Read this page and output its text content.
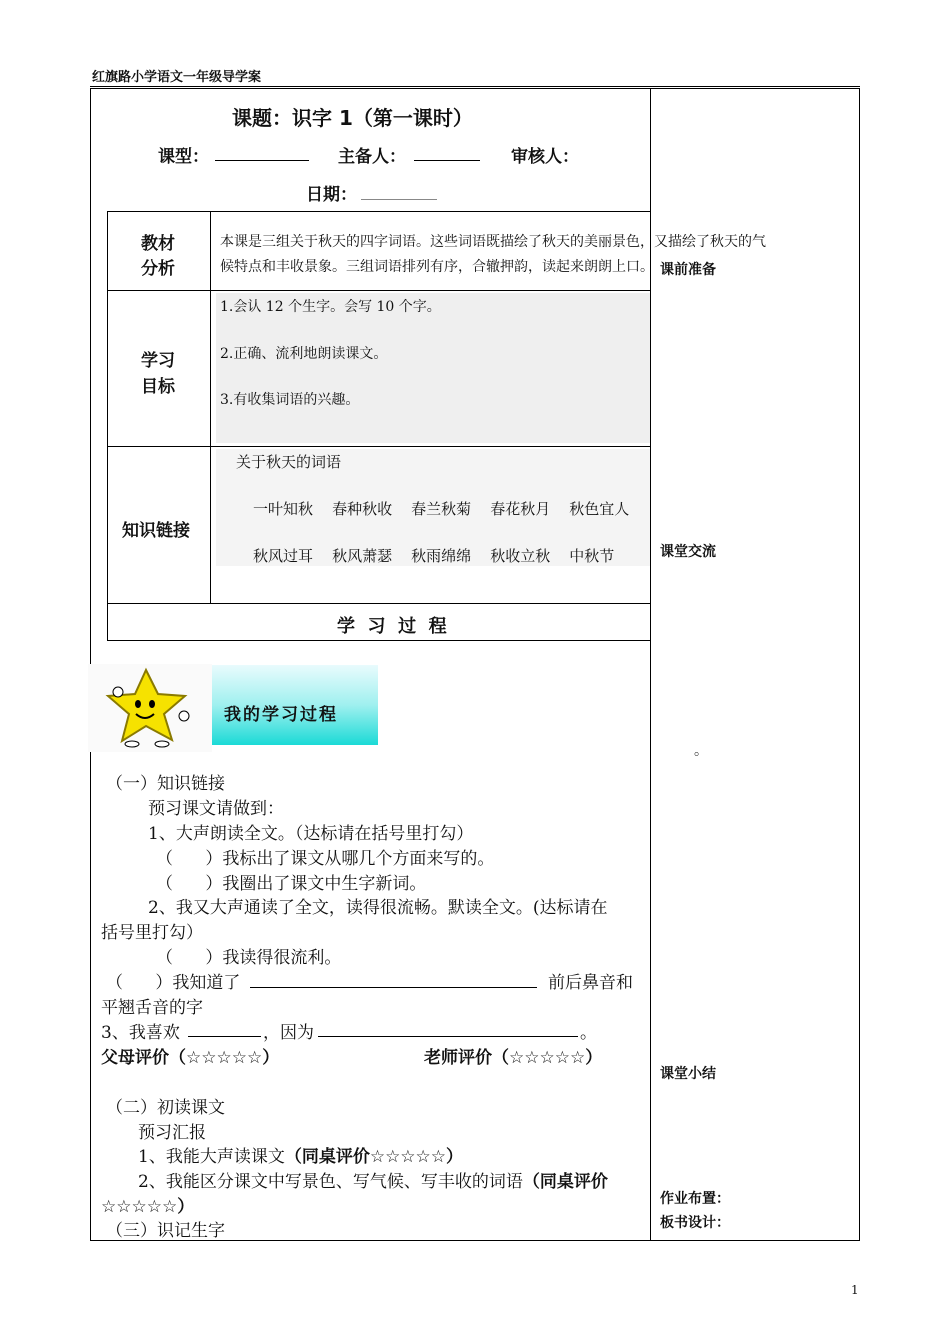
红旗路小学语文一年级导学案
课题：识字 1（第一课时）
课型：	主备人：	审核人：
日期：
教材
分析
本课是三组关于秋天的四字词语。这些词语既描绘了秋天的美丽景色，又描绘了秋天的气
候特点和丰收景象。三组词语排列有序，合辙押韵，读起来朗朗上口。
学习
目标
1.会认 12 个生字。会写 10 个字。
2.正确、流利地朗读课文。
3.有收集词语的兴趣。
知识链接
关于秋天的词语
一叶知秋    春种秋收    春兰秋菊    春花秋月    秋色宜人
秋风过耳    秋风萧瑟    秋雨绵绵    秋收立秋    中秋节
学  习  过  程
课前准备
课堂交流
。
课堂小结
作业布置：
板书设计：
我的学习过程
（一）知识链接
预习课文请做到：
1、大声朗读全文。（达标请在括号里打勾）
（      ）我标出了课文从哪几个方面来写的。
（      ）我圈出了课文中生字新词。
2、我又大声通读了全文，读得很流畅。默读全文。(达标请在
括号里打勾）
（      ）我读得很流利。
（      ）我知道了	前后鼻音和
平翘舌音的字
3、我喜欢	，因为	。
父母评价（☆☆☆☆☆）	老师评价（☆☆☆☆☆）
（二）初读课文
预习汇报
1、我能大声读课文（同桌评价☆☆☆☆☆）
2、我能区分课文中写景色、写气候、写丰收的词语（同桌评价
☆☆☆☆☆）
（三）识记生字
1
